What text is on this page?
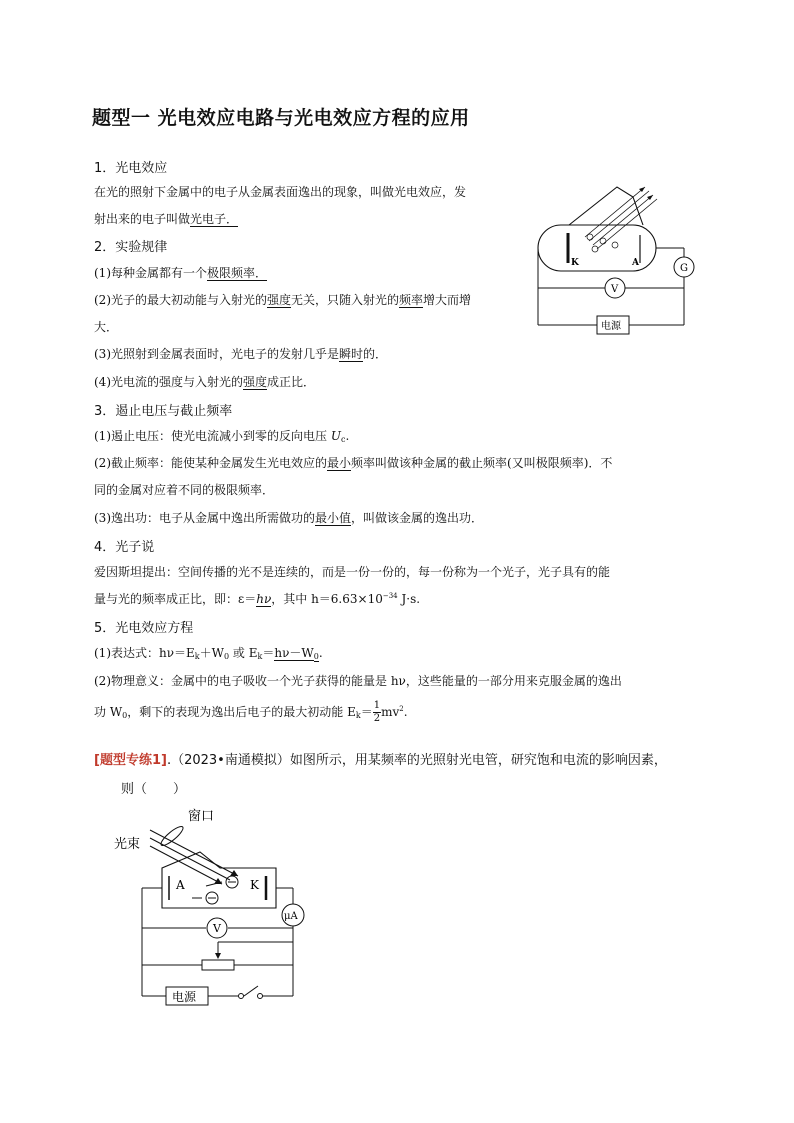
题型一 光电效应电路与光电效应方程的应用
1．光电效应
在光的照射下金属中的电子从金属表面逸出的现象，叫做光电效应，发
射出来的电子叫做光电子．
2．实验规律
(1)每种金属都有一个极限频率．
(2)光子的最大初动能与入射光的强度无关，只随入射光的频率增大而增
大．
(3)光照射到金属表面时，光电子的发射几乎是瞬时的．
(4)光电流的强度与入射光的强度成正比．
3．遏止电压与截止频率
(1)遏止电压：使光电流减小到零的反向电压 $U_c$.
(2)截止频率：能使某种金属发生光电效应的最小频率叫做该种金属的截止频率(又叫极限频率)．不
同的金属对应着不同的极限频率．
(3)逸出功：电子从金属中逸出所需做功的最小值，叫做该金属的逸出功．
4．光子说
爱因斯坦提出：空间传播的光不是连续的，而是一份一份的，每一份称为一个光子，光子具有的能
量与光的频率成正比，即：ε＝hν，其中 $h=6.63\times 10^{-34}$ J·s.
5．光电效应方程
(1)表达式：$h\nu=E_k+W_0$ 或 $E_k=h\nu-W_0$.
(2)物理意义：金属中的电子吸收一个光子获得的能量是 hν，这些能量的一部分用来克服金属的逸出
功 $W_0$，剩下的表现为逸出后电子的最大初动能 $E_k= \frac{1}{2} mv^2$.
[题型专练1].（2023•南通模拟）如图所示，用某频率的光照射光电管，研究饱和电流的影响因素，
则（　　）
K	A	G
V
电源
窗口
光束
A	K
μA
V
电源
